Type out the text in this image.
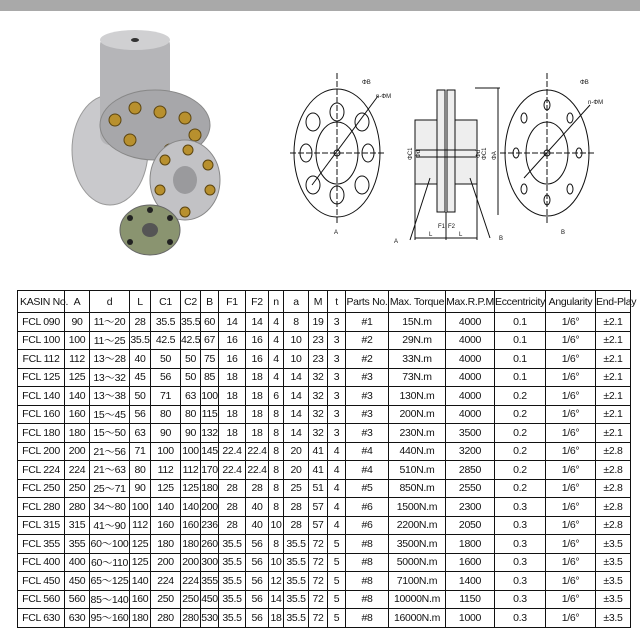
A	B
A	B
F1 F2
L	L
ΦB
n-ΦM
ΦA
ΦC1	ΦC1
Φd	Φd
ΦB
n-ΦM
KASIN No.	A	d	L	C1	C2	B	F1	F2	n	a	M	t	Parts No.	Max. Torque	Max.R.P.M	Eccentricity	Angularity	End-Play
FCL 090	90	11～20	28	35.5	35.5	60	14	14	4	8	19	3	#1	15N.m	4000	0.1	1/6°	±2.1
FCL 100	100	11～25	35.5	42.5	42.5	67	16	16	4	10	23	3	#2	29N.m	4000	0.1	1/6°	±2.1
FCL 112	112	13～28	40	50	50	75	16	16	4	10	23	3	#2	33N.m	4000	0.1	1/6°	±2.1
FCL 125	125	13～32	45	56	50	85	18	18	4	14	32	3	#3	73N.m	4000	0.1	1/6°	±2.1
FCL 140	140	13～38	50	71	63	100	18	18	6	14	32	3	#3	130N.m	4000	0.2	1/6°	±2.1
FCL 160	160	15～45	56	80	80	115	18	18	8	14	32	3	#3	200N.m	4000	0.2	1/6°	±2.1
FCL 180	180	15～50	63	90	90	132	18	18	8	14	32	3	#3	230N.m	3500	0.2	1/6°	±2.1
FCL 200	200	21～56	71	100	100	145	22.4	22.4	8	20	41	4	#4	440N.m	3200	0.2	1/6°	±2.8
FCL 224	224	21～63	80	112	112	170	22.4	22.4	8	20	41	4	#4	510N.m	2850	0.2	1/6°	±2.8
FCL 250	250	25～71	90	125	125	180	28	28	8	25	51	4	#5	850N.m	2550	0.2	1/6°	±2.8
FCL 280	280	34～80	100	140	140	200	28	40	8	28	57	4	#6	1500N.m	2300	0.3	1/6°	±2.8
FCL 315	315	41～90	112	160	160	236	28	40	10	28	57	4	#6	2200N.m	2050	0.3	1/6°	±2.8
FCL 355	355	60～100	125	180	180	260	35.5	56	8	35.5	72	5	#8	3500N.m	1800	0.3	1/6°	±3.5
FCL 400	400	60～110	125	200	200	300	35.5	56	10	35.5	72	5	#8	5000N.m	1600	0.3	1/6°	±3.5
FCL 450	450	65～125	140	224	224	355	35.5	56	12	35.5	72	5	#8	7100N.m	1400	0.3	1/6°	±3.5
FCL 560	560	85～140	160	250	250	450	35.5	56	14	35.5	72	5	#8	10000N.m	1150	0.3	1/6°	±3.5
FCL 630	630	95～160	180	280	280	530	35.5	56	18	35.5	72	5	#8	16000N.m	1000	0.3	1/6°	±3.5
